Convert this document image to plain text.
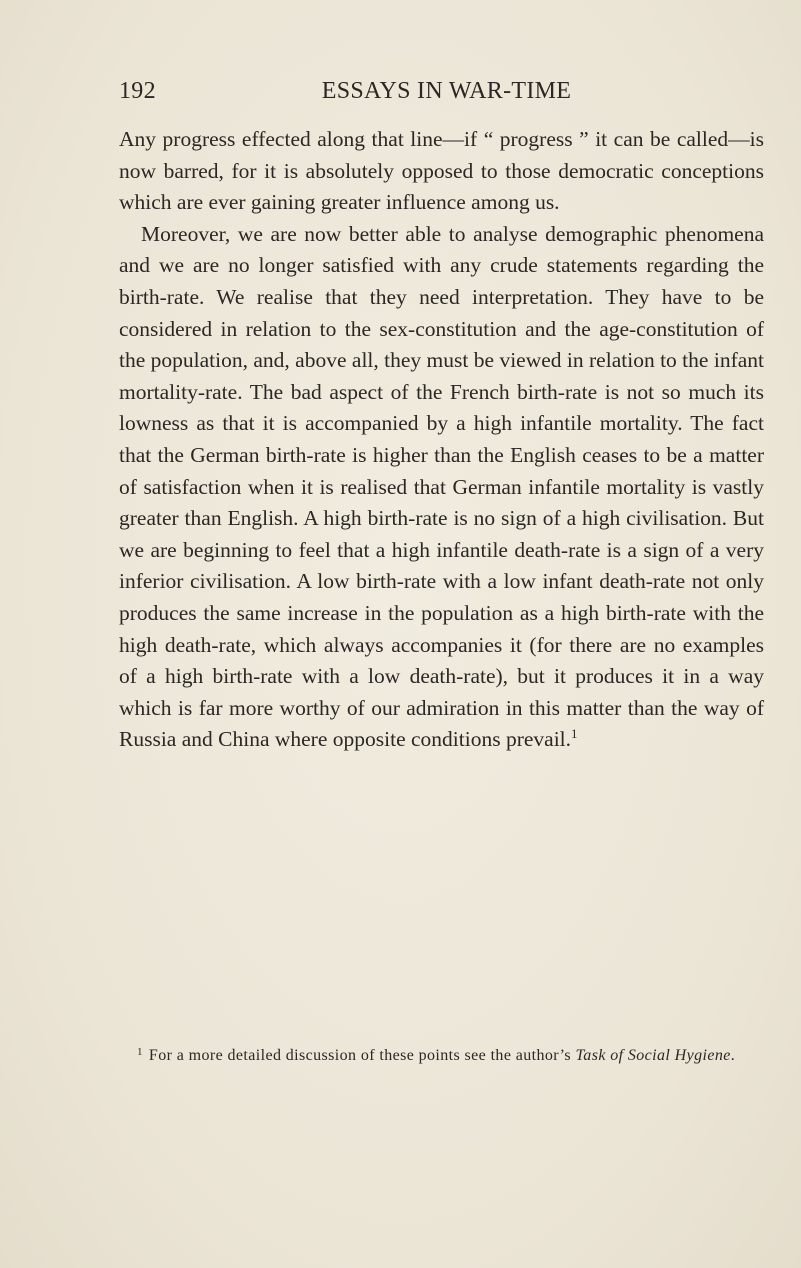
192	ESSAYS IN WAR-TIME

Any progress effected along that line—if “ progress ” it can be called—is now barred, for it is absolutely opposed to those democratic conceptions which are ever gaining greater influence among us.

Moreover, we are now better able to analyse demographic phenomena and we are no longer satisfied with any crude statements regarding the birth-rate. We realise that they need interpretation. They have to be considered in relation to the sex-constitution and the age-constitution of the population, and, above all, they must be viewed in relation to the infant mortality-rate. The bad aspect of the French birth-rate is not so much its lowness as that it is accompanied by a high infantile mortality. The fact that the German birth-rate is higher than the English ceases to be a matter of satisfaction when it is realised that German infantile mortality is vastly greater than English. A high birth-rate is no sign of a high civilisation. But we are beginning to feel that a high infantile death-rate is a sign of a very inferior civilisation. A low birth-rate with a low infant death-rate not only produces the same increase in the population as a high birth-rate with the high death-rate, which always accompanies it (for there are no examples of a high birth-rate with a low death-rate), but it produces it in a way which is far more worthy of our admiration in this matter than the way of Russia and China where opposite conditions prevail.$^1$

$^1$ For a more detailed discussion of these points see the author’s Task of Social Hygiene.
